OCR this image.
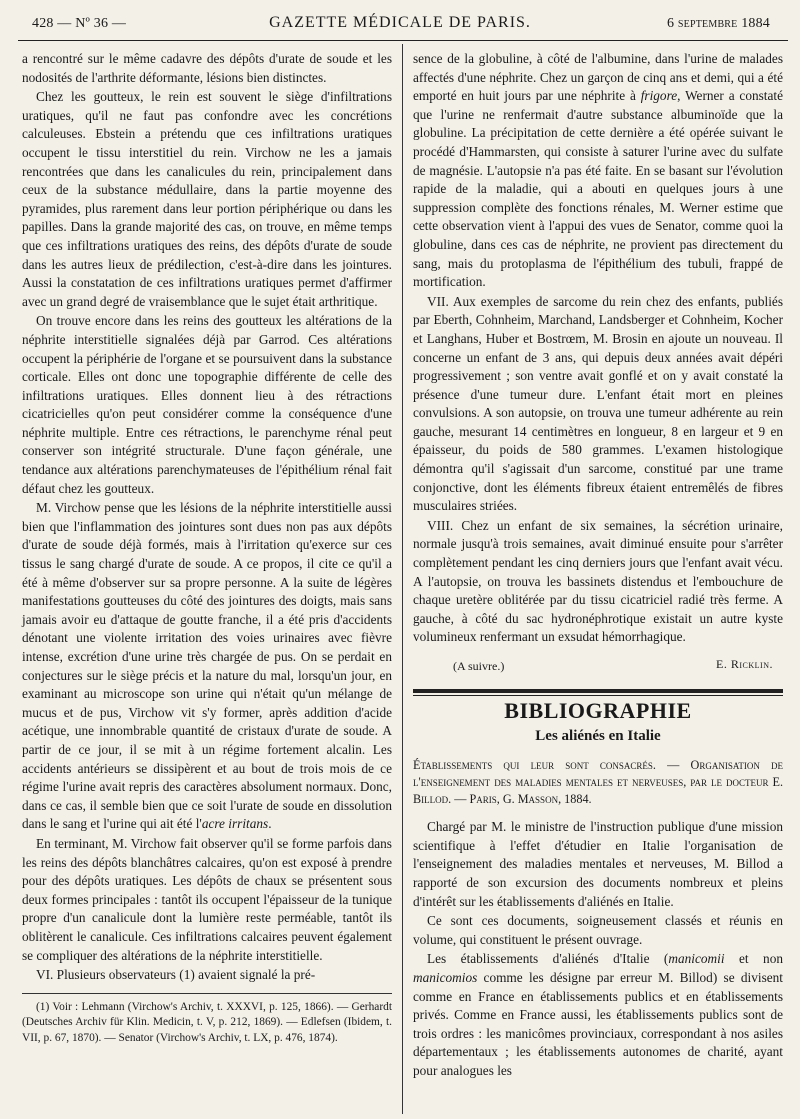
428 — Nº 36 —	GAZETTE MÉDICALE DE PARIS.	6 septembre 1884

a rencontré sur le même cadavre des dépôts d'urate de soude et les nodosités de l'arthrite déformante, lésions bien distinctes.

Chez les goutteux, le rein est souvent le siège d'infiltrations uratiques, qu'il ne faut pas confondre avec les concrétions calculeuses. Ebstein a prétendu que ces infiltrations uratiques occupent le tissu interstitiel du rein. Virchow ne les a jamais rencontrées que dans les canalicules du rein, principalement dans ceux de la substance médullaire, dans la partie moyenne des pyramides, plus rarement dans leur portion périphérique ou dans les papilles. Dans la grande majorité des cas, on trouve, en même temps que ces infiltrations uratiques des reins, des dépôts d'urate de soude dans les autres lieux de prédilection, c'est-à-dire dans les jointures. Aussi la constatation de ces infiltrations uratiques permet d'affirmer avec un grand degré de vraisemblance que le sujet était arthritique.

On trouve encore dans les reins des goutteux les altérations de la néphrite interstitielle signalées déjà par Garrod. Ces altérations occupent la périphérie de l'organe et se poursuivent dans la substance corticale. Elles ont donc une topographie différente de celle des infiltrations uratiques. Elles donnent lieu à des rétractions cicatricielles qu'on peut considérer comme la conséquence d'une néphrite multiple. Entre ces rétractions, le parenchyme rénal peut conserver son intégrité structurale. D'une façon générale, une tendance aux altérations parenchymateuses de l'épithélium rénal fait défaut chez les goutteux.

M. Virchow pense que les lésions de la néphrite interstitielle aussi bien que l'inflammation des jointures sont dues non pas aux dépôts d'urate de soude déjà formés, mais à l'irritation qu'exerce sur ces tissus le sang chargé d'urate de soude. A ce propos, il cite ce qu'il a été à même d'observer sur sa propre personne. A la suite de légères manifestations goutteuses du côté des jointures des doigts, mais sans jamais avoir eu d'attaque de goutte franche, il a été pris d'accidents dénotant une violente irritation des voies urinaires avec fièvre intense, excrétion d'une urine très chargée de pus. On se perdait en conjectures sur le siège précis et la nature du mal, lorsqu'un jour, en examinant au microscope son urine qui n'était qu'un mélange de mucus et de pus, Virchow vit s'y former, après addition d'acide acétique, une innombrable quantité de cristaux d'urate de soude. A partir de ce jour, il se mit à un régime fortement alcalin. Les accidents antérieurs se dissipèrent et au bout de trois mois de ce régime l'urine avait repris des caractères absolument normaux. Donc, dans ce cas, il semble bien que ce soit l'urate de soude en dissolution dans le sang et l'urine qui ait été l'acre irritans.

En terminant, M. Virchow fait observer qu'il se forme parfois dans les reins des dépôts blanchâtres calcaires, qu'on est exposé à prendre pour des dépôts uratiques. Les dépôts de chaux se présentent sous deux formes principales : tantôt ils occupent l'épaisseur de la tunique propre d'un canalicule dont la lumière reste perméable, tantôt ils oblitèrent le canalicule. Ces infiltrations calcaires peuvent également se compliquer des altérations de la néphrite interstitielle.

VI. Plusieurs observateurs (1) avaient signalé la pré-

(1) Voir : Lehmann (Virchow's Archiv, t. XXXVI, p. 125, 1866). — Gerhardt (Deutsches Archiv für Klin. Medicin, t. V, p. 212, 1869). — Edlefsen (Ibidem, t. VII, p. 67, 1870). — Senator (Virchow's Archiv, t. LX, p. 476, 1874).

sence de la globuline, à côté de l'albumine, dans l'urine de malades affectés d'une néphrite. Chez un garçon de cinq ans et demi, qui a été emporté en huit jours par une néphrite à frigore, Werner a constaté que l'urine ne renfermait d'autre substance albuminoïde que la globuline. La précipitation de cette dernière a été opérée suivant le procédé d'Hammarsten, qui consiste à saturer l'urine avec du sulfate de magnésie. L'autopsie n'a pas été faite. En se basant sur l'évolution rapide de la maladie, qui a abouti en quelques jours à une suppression complète des fonctions rénales, M. Werner estime que cette observation vient à l'appui des vues de Senator, comme quoi la globuline, dans ces cas de néphrite, ne provient pas directement du sang, mais du protoplasma de l'épithélium des tubuli, frappé de mortification.

VII. Aux exemples de sarcome du rein chez des enfants, publiés par Eberth, Cohnheim, Marchand, Landsberger et Cohnheim, Kocher et Langhans, Huber et Bostrœm, M. Brosin en ajoute un nouveau. Il concerne un enfant de 3 ans, qui depuis deux années avait dépéri progressivement ; son ventre avait gonflé et on y avait constaté la présence d'une tumeur dure. L'enfant était mort en pleines convulsions. A son autopsie, on trouva une tumeur adhérente au rein gauche, mesurant 14 centimètres en longueur, 8 en largeur et 9 en épaisseur, du poids de 580 grammes. L'examen histologique démontra qu'il s'agissait d'un sarcome, constitué par une trame conjonctive, dont les éléments fibreux étaient entremêlés de fibres musculaires striées.

VIII. Chez un enfant de six semaines, la sécrétion urinaire, normale jusqu'à trois semaines, avait diminué ensuite pour s'arrêter complètement pendant les cinq derniers jours que l'enfant avait vécu. A l'autopsie, on trouva les bassinets distendus et l'embouchure de chaque uretère oblitérée par du tissu cicatriciel radié très ferme. A gauche, à côté du sac hydronéphrotique existait un autre kyste volumineux renfermant un exsudat hémorrhagique.

(A suivre.)	E. Ricklin.
BIBLIOGRAPHIE
Les aliénés en Italie

Établissements qui leur sont consacrés. — Organisation de l'enseignement des maladies mentales et nerveuses, par le docteur E. Billod. — Paris, G. Masson, 1884.

Chargé par M. le ministre de l'instruction publique d'une mission scientifique à l'effet d'étudier en Italie l'organisation de l'enseignement des maladies mentales et nerveuses, M. Billod a rapporté de son excursion des documents nombreux et pleins d'intérêt sur les établissements d'aliénés en Italie.

Ce sont ces documents, soigneusement classés et réunis en volume, qui constituent le présent ouvrage.

Les établissements d'aliénés d'Italie (manicomii et non manicomios comme les désigne par erreur M. Billod) se divisent comme en France en établissements publics et en établissements privés. Comme en France aussi, les établissements publics sont de trois ordres : les manicômes provinciaux, correspondant à nos asiles départementaux ; les établissements autonomes de charité, ayant pour analogues les
